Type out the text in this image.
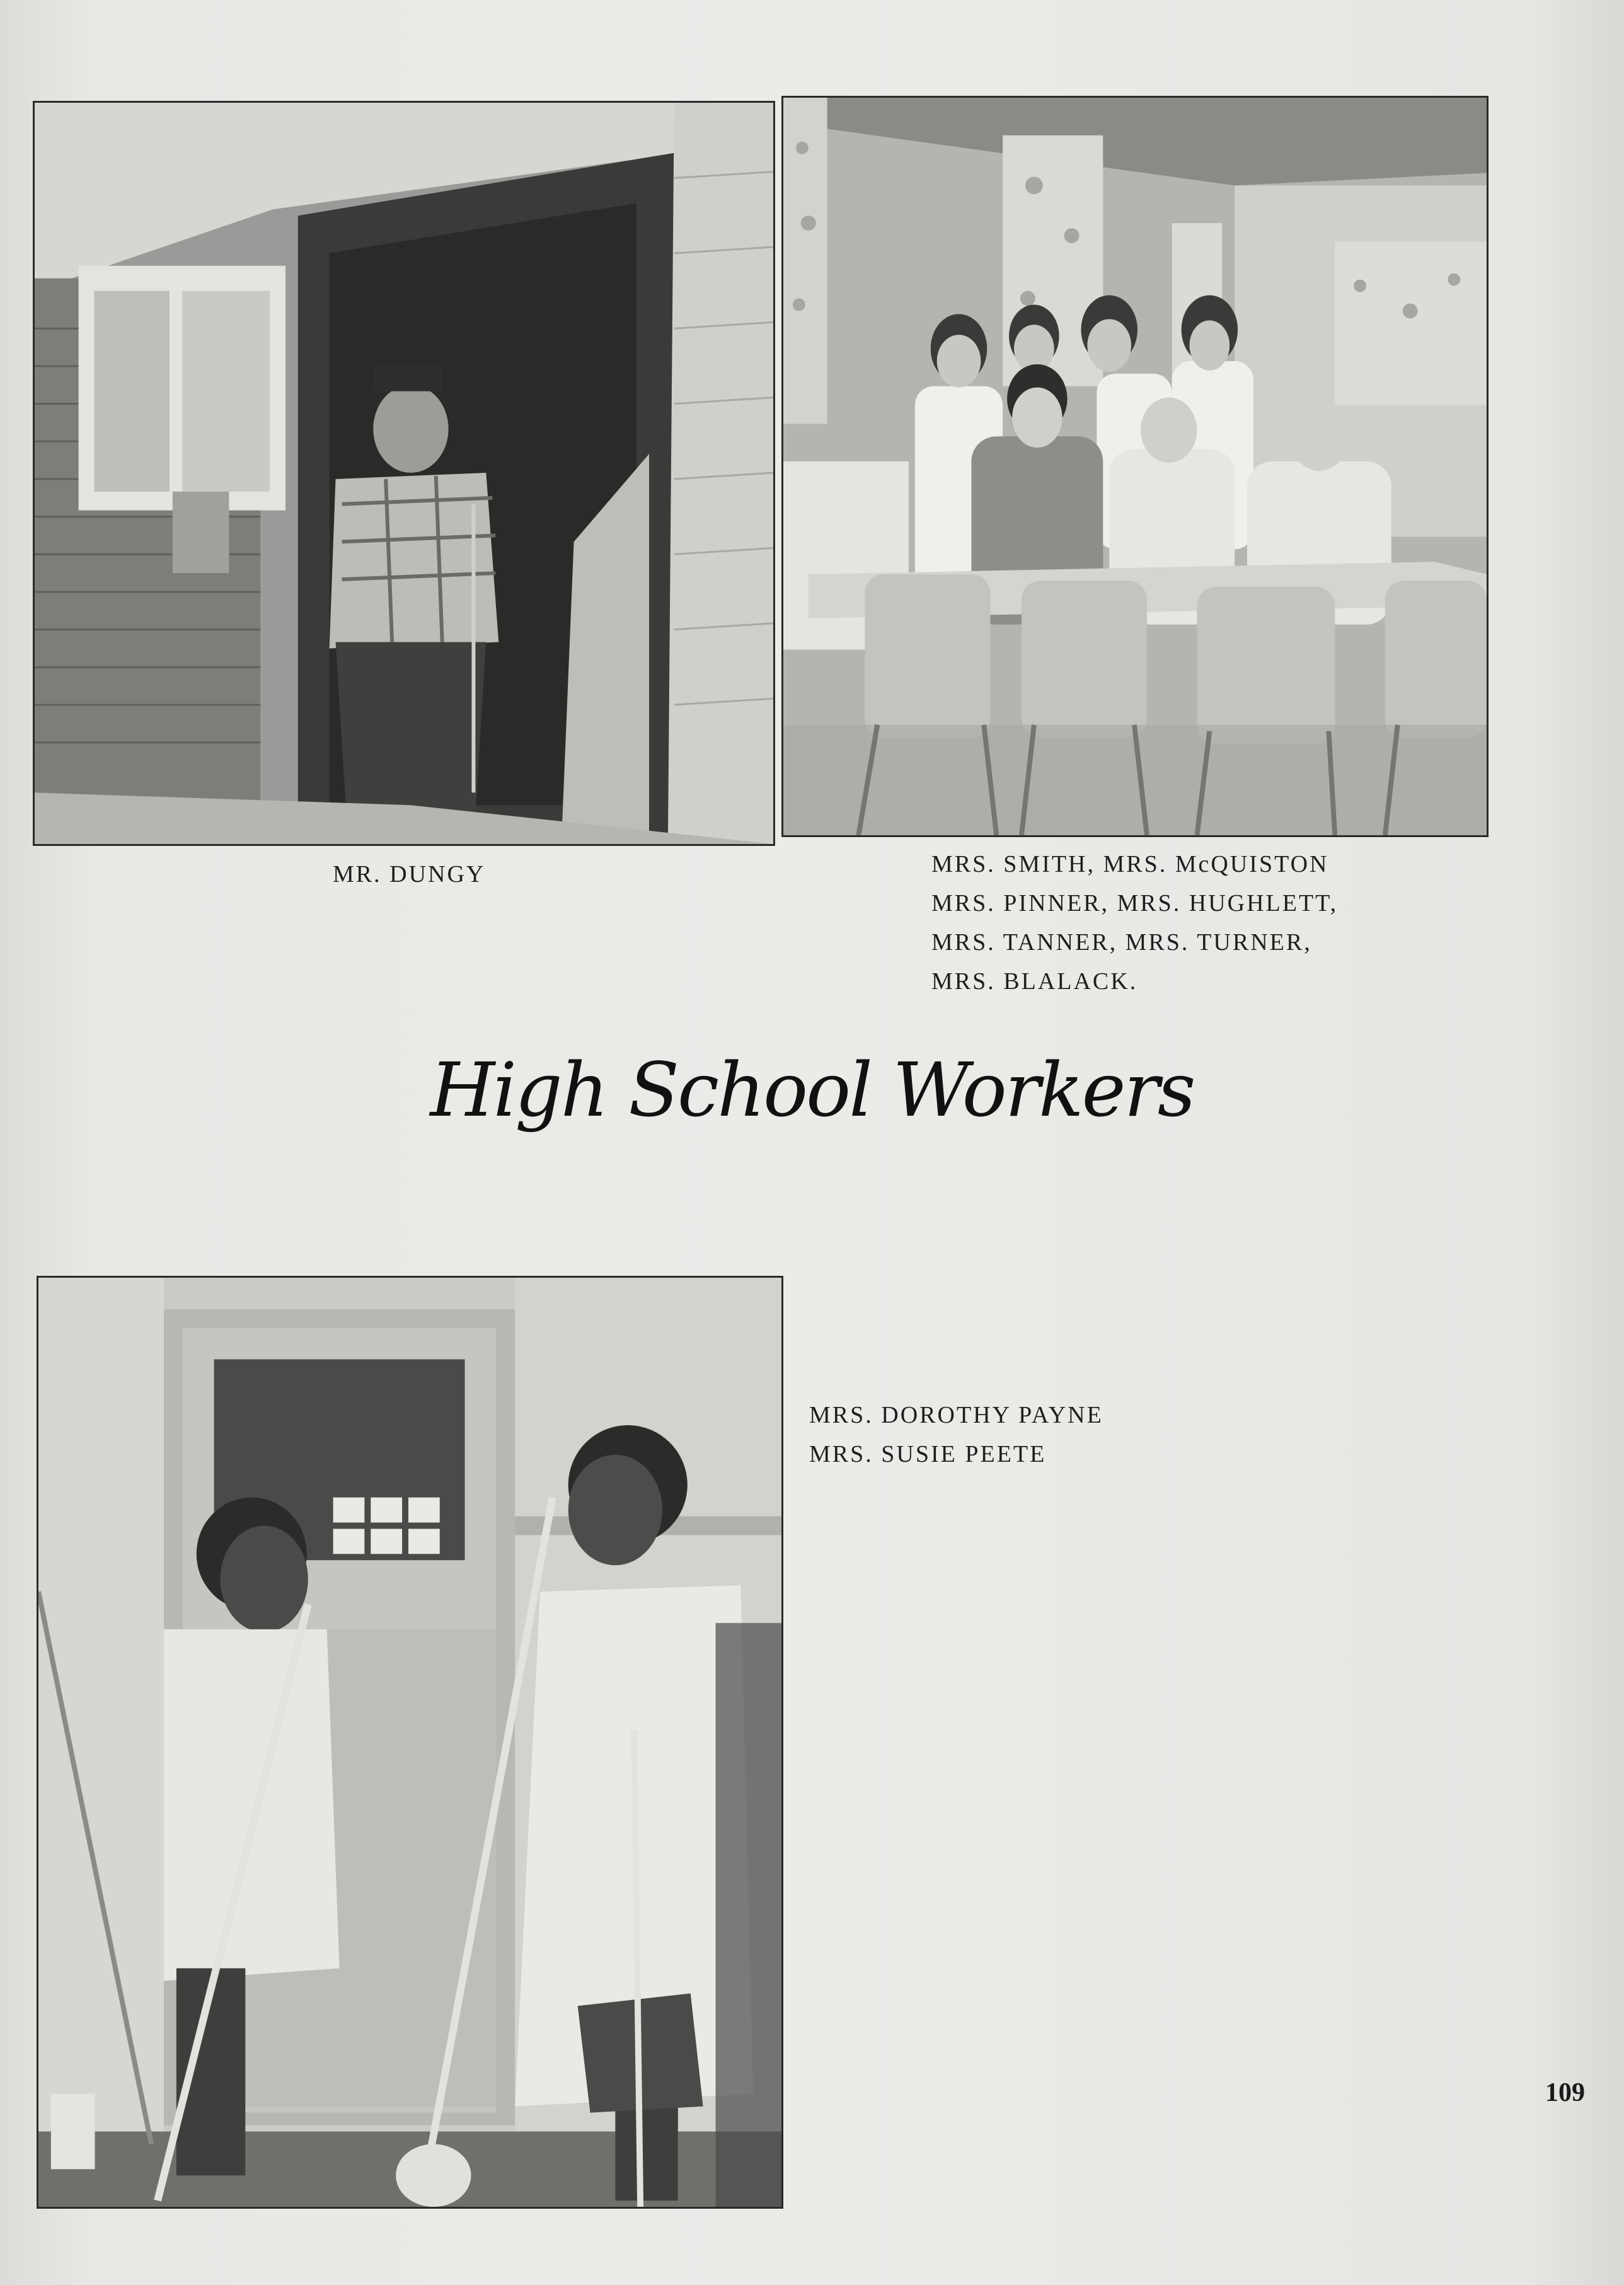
MR. DUNGY	MRS. SMITH, MRS. McQUISTON
MRS. PINNER, MRS. HUGHLETT,
MRS. TANNER, MRS. TURNER,
MRS. BLALACK.
High School Workers
MRS. DOROTHY PAYNE
MRS. SUSIE PEETE
109
